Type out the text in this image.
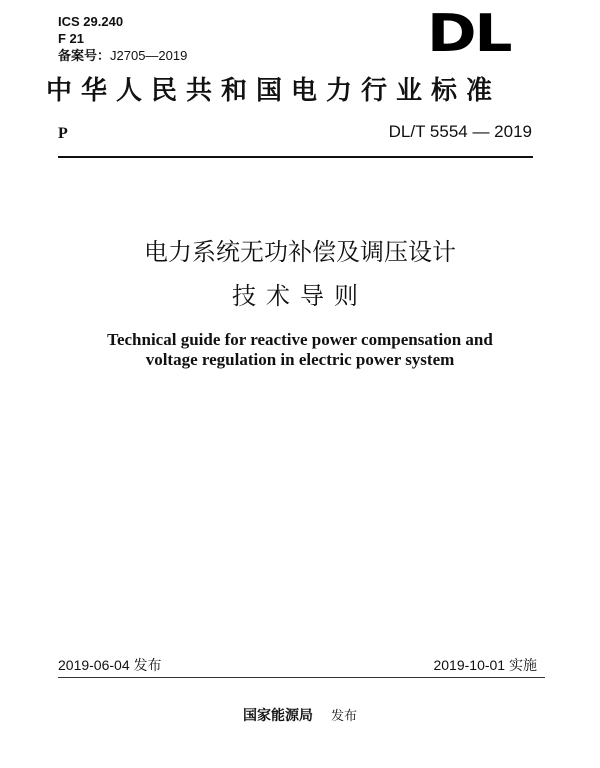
ICS 29.240
F 21
备案号：J2705—2019	DL
中华人民共和国电力行业标准
P	DL/T 5554 — 2019
电力系统无功补偿及调压设计
技术导则
Technical guide for reactive power compensation and
voltage regulation in electric power system
2019-06-04 发布	2019-10-01 实施
国家能源局 发布
